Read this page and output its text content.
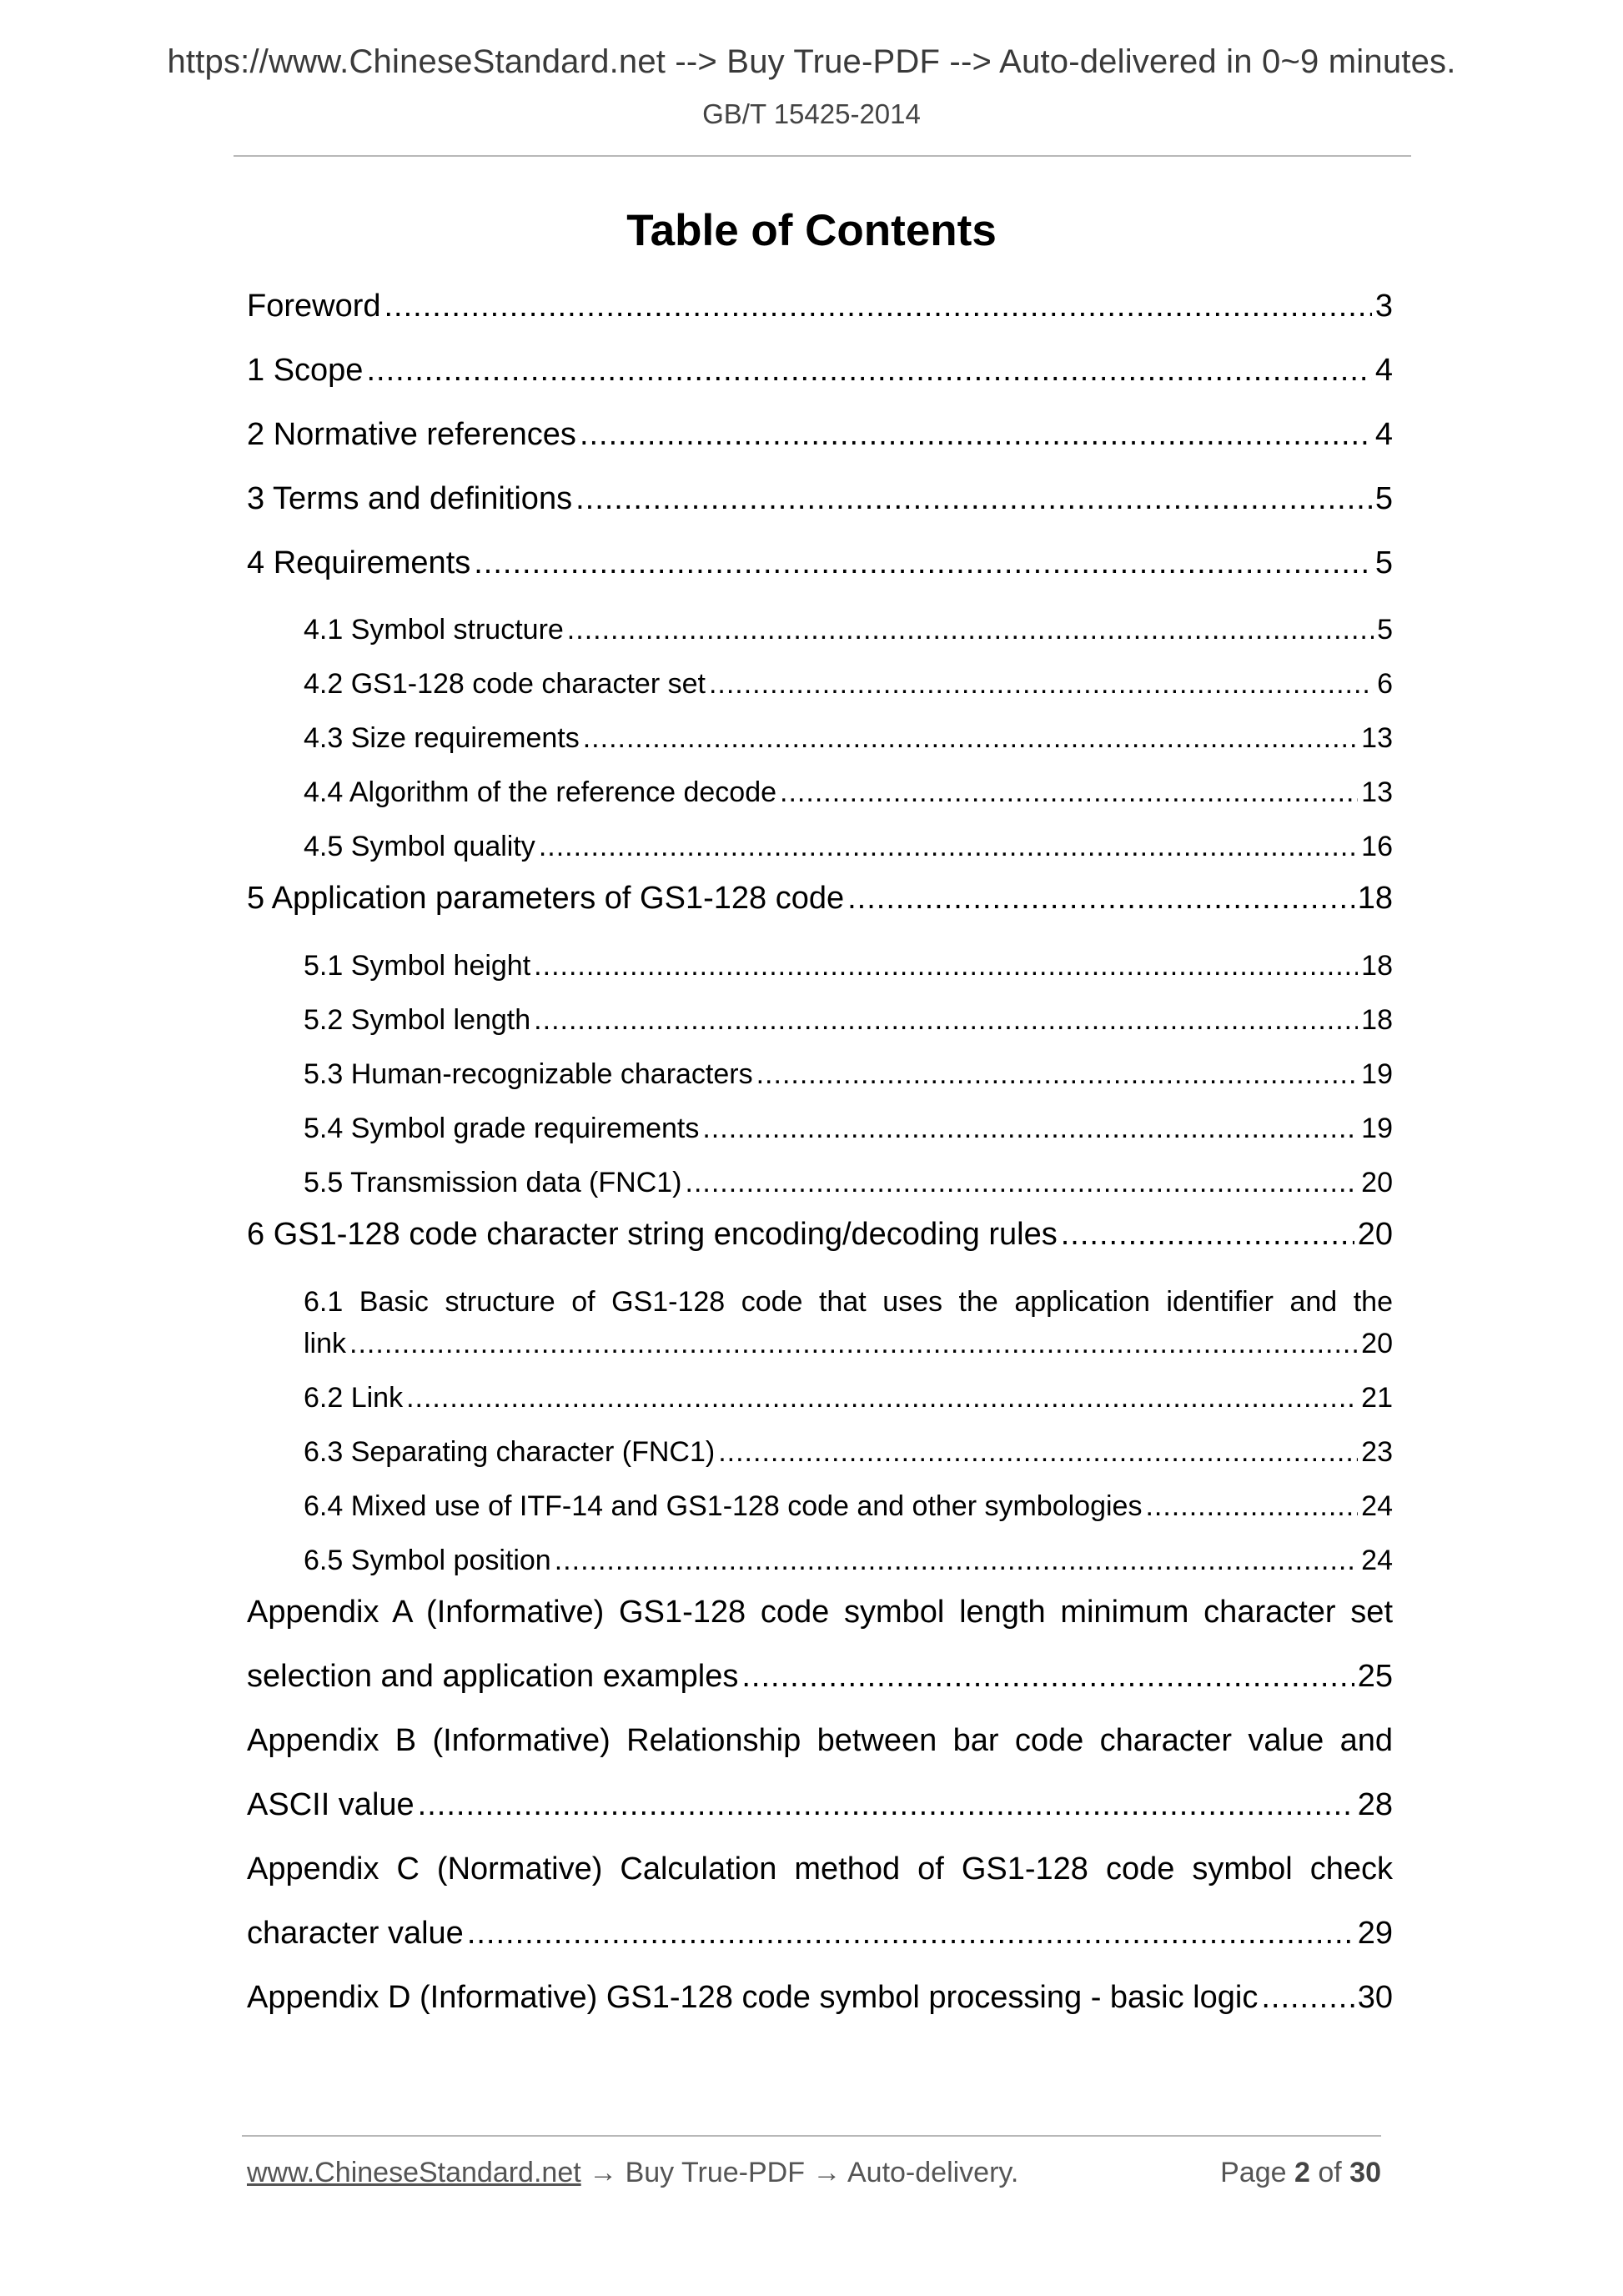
https://www.ChineseStandard.net --> Buy True-PDF --> Auto-delivered in 0~9 minutes.
GB/T 15425-2014
Table of Contents
Foreword .....	3
1 Scope .....	4
2 Normative references .....	4
3 Terms and definitions .....	5
4 Requirements .....	5
4.1 Symbol structure .....	5
4.2 GS1-128 code character set .....	6
4.3 Size requirements .....	13
4.4 Algorithm of the reference decode .....	13
4.5 Symbol quality .....	16
5 Application parameters of GS1-128 code .....	18
5.1 Symbol height .....	18
5.2 Symbol length .....	18
5.3 Human-recognizable characters .....	19
5.4 Symbol grade requirements .....	19
5.5 Transmission data (FNC1) .....	20
6 GS1-128 code character string encoding/decoding rules .....	20
6.1 Basic structure of GS1-128 code that uses the application identifier and the
link .....	20
6.2 Link .....	21
6.3 Separating character (FNC1) .....	23
6.4 Mixed use of ITF-14 and GS1-128 code and other symbologies .....	24
6.5 Symbol position .....	24
Appendix A (Informative) GS1-128 code symbol length minimum character set
selection and application examples .....	25
Appendix B (Informative) Relationship between bar code character value and
ASCII value .....	28
Appendix C (Normative) Calculation method of GS1-128 code symbol check
character value .....	29
Appendix D (Informative) GS1-128 code symbol processing - basic logic .....	30
www.ChineseStandard.net → Buy True-PDF → Auto-delivery.	Page 2 of 30
